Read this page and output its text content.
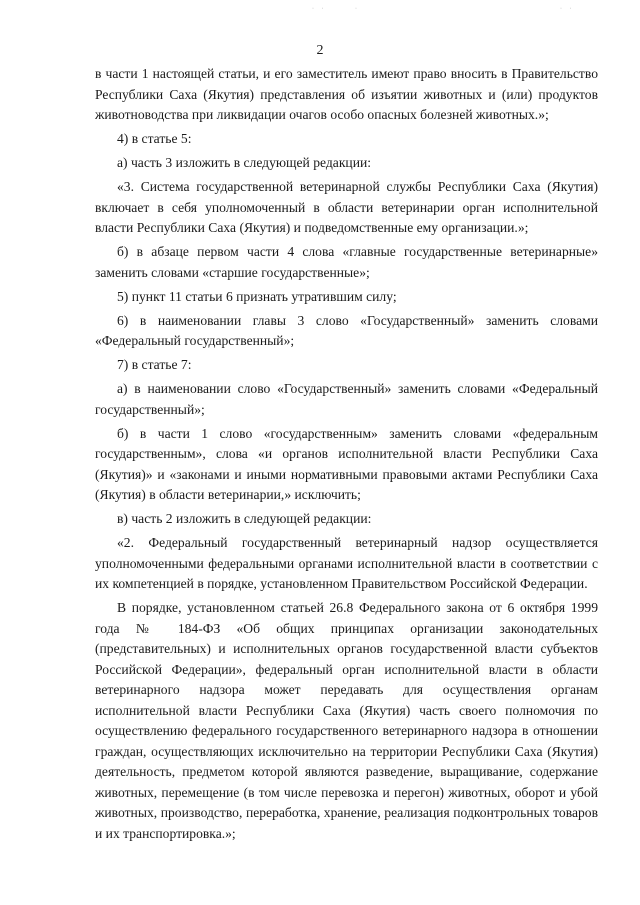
· ·	·	· ·
2

в части 1 настоящей статьи, и его заместитель имеют право вносить в Правительство Республики Саха (Якутия) представления об изъятии животных и (или) продуктов животноводства при ликвидации очагов особо опасных болезней животных.»;

4) в статье 5:

а) часть 3 изложить в следующей редакции:

«3. Система государственной ветеринарной службы Республики Саха (Якутия) включает в себя уполномоченный в области ветеринарии орган исполнительной власти Республики Саха (Якутия) и подведомственные ему организации.»;

б) в абзаце первом части 4 слова «главные государственные ветеринарные» заменить словами «старшие государственные»;

5) пункт 11 статьи 6 признать утратившим силу;

6) в наименовании главы 3 слово «Государственный» заменить словами «Федеральный государственный»;

7) в статье 7:

а) в наименовании слово «Государственный» заменить словами «Федеральный государственный»;

б) в части 1 слово «государственным» заменить словами «федеральным государственным», слова «и органов исполнительной власти Республики Саха (Якутия)» и «законами и иными нормативными правовыми актами Республики Саха (Якутия) в области ветеринарии,» исключить;

в) часть 2 изложить в следующей редакции:

«2. Федеральный государственный ветеринарный надзор осуществляется уполномоченными федеральными органами исполнительной власти в соответствии с их компетенцией в порядке, установленном Правительством Российской Федерации.

В порядке, установленном статьей 26.8 Федерального закона от 6 октября 1999 года № 184-ФЗ «Об общих принципах организации законодательных (представительных) и исполнительных органов государственной власти субъектов Российской Федерации», федеральный орган исполнительной власти в области ветеринарного надзора может передавать для осуществления органам исполнительной власти Республики Саха (Якутия) часть своего полномочия по осуществлению федерального государственного ветеринарного надзора в отношении граждан, осуществляющих исключительно на территории Республики Саха (Якутия) деятельность, предметом которой являются разведение, выращивание, содержание животных, перемещение (в том числе перевозка и перегон) животных, оборот и убой животных, производство, переработка, хранение, реализация подконтрольных товаров и их транспортировка.»;
